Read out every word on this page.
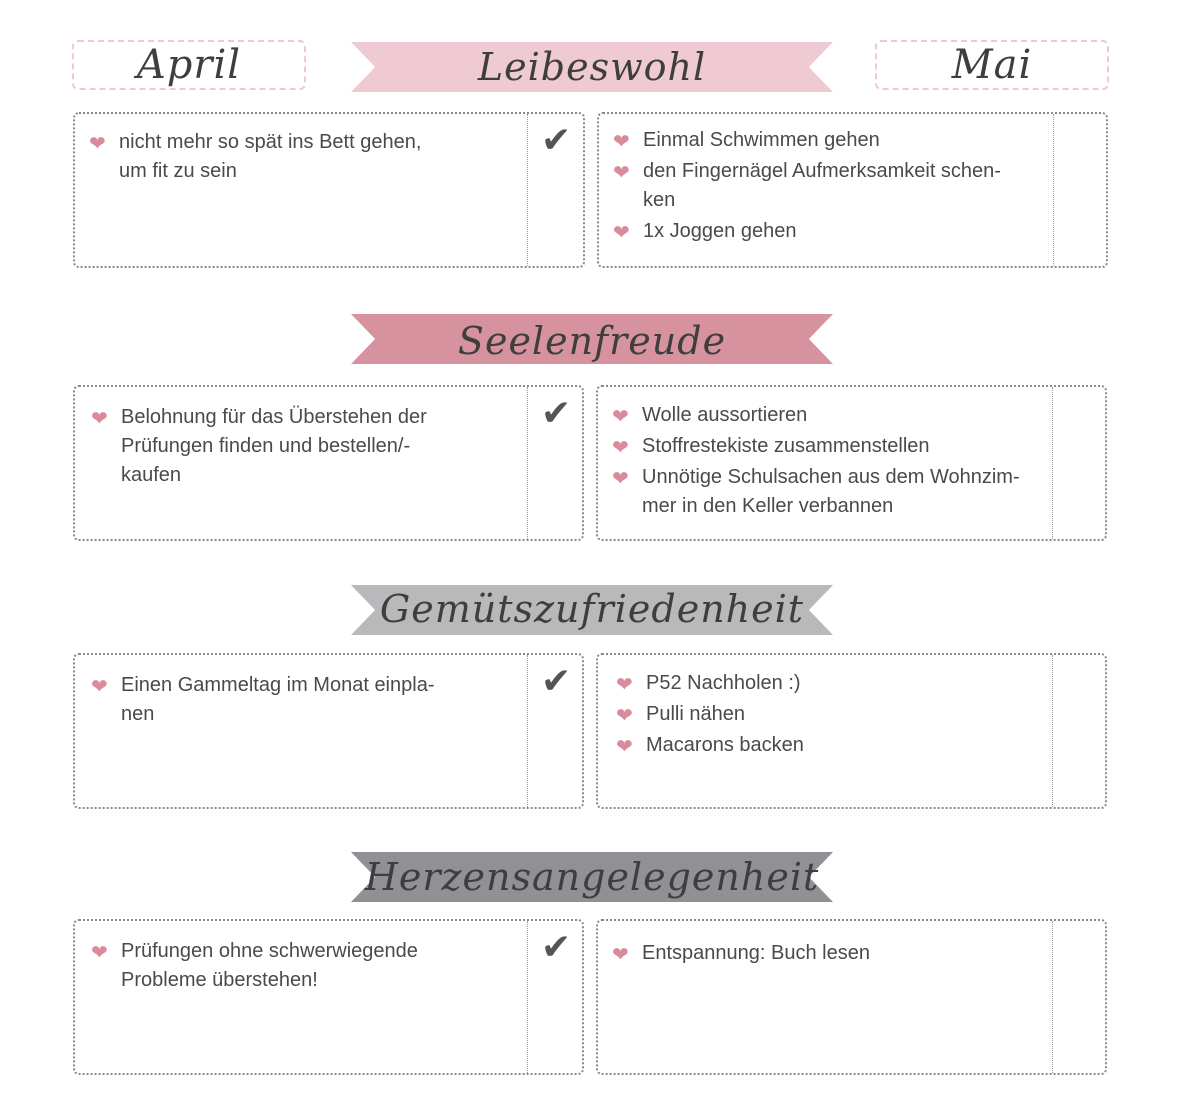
April	Mai
Leibeswohl
❤ nicht mehr so spät ins Bett gehen,
um fit zu sein
✔ ❤ Einmal Schwimmen gehen
❤ den Fingernägel Aufmerksamkeit schen-
ken
❤ 1x Joggen gehen
Seelenfreude
❤ Belohnung für das Überstehen der
Prüfungen finden und bestellen/-
kaufen
✔ ❤ Wolle aussortieren
❤ Stoffrestekiste zusammenstellen
❤ Unnötige Schulsachen aus dem Wohnzim-
mer in den Keller verbannen
Gemütszufriedenheit
❤ Einen Gammeltag im Monat einpla-
nen
✔ ❤ P52 Nachholen :)
❤ Pulli nähen
❤ Macarons backen
Herzensangelegenheit
❤ Prüfungen ohne schwerwiegende
Probleme überstehen!
✔ ❤ Entspannung: Buch lesen
